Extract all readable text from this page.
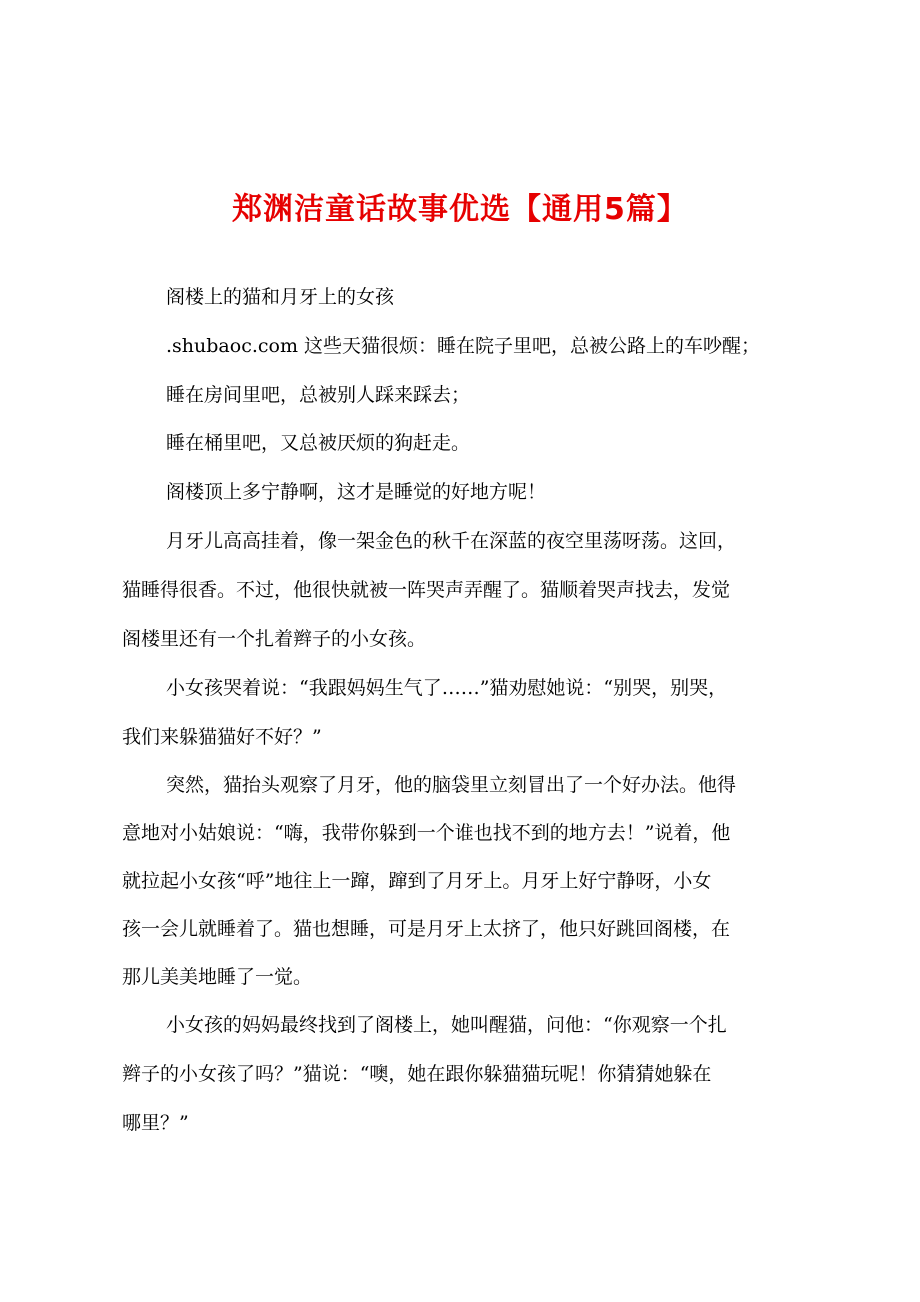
郑渊洁童话故事优选【通用5篇】

阁楼上的猫和月牙上的女孩

.shubaoc.com 这些天猫很烦：睡在院子里吧，总被公路上的车吵醒；

睡在房间里吧，总被别人踩来踩去；

睡在桶里吧，又总被厌烦的狗赶走。

阁楼顶上多宁静啊，这才是睡觉的好地方呢！

月牙儿高高挂着，像一架金色的秋千在深蓝的夜空里荡呀荡。这回，
猫睡得很香。不过，他很快就被一阵哭声弄醒了。猫顺着哭声找去，发觉
阁楼里还有一个扎着辫子的小女孩。
小女孩哭着说：“我跟妈妈生气了……”猫劝慰她说：“别哭，别哭，
我们来躲猫猫好不好？”
突然，猫抬头观察了月牙，他的脑袋里立刻冒出了一个好办法。他得
意地对小姑娘说：“嗨，我带你躲到一个谁也找不到的地方去！”说着，他
就拉起小女孩“呼”地往上一蹿，蹿到了月牙上。月牙上好宁静呀，小女
孩一会儿就睡着了。猫也想睡，可是月牙上太挤了，他只好跳回阁楼，在
那儿美美地睡了一觉。
小女孩的妈妈最终找到了阁楼上，她叫醒猫，问他：“你观察一个扎
辫子的小女孩了吗？”猫说：“噢，她在跟你躲猫猫玩呢！你猜猜她躲在
哪里？”
